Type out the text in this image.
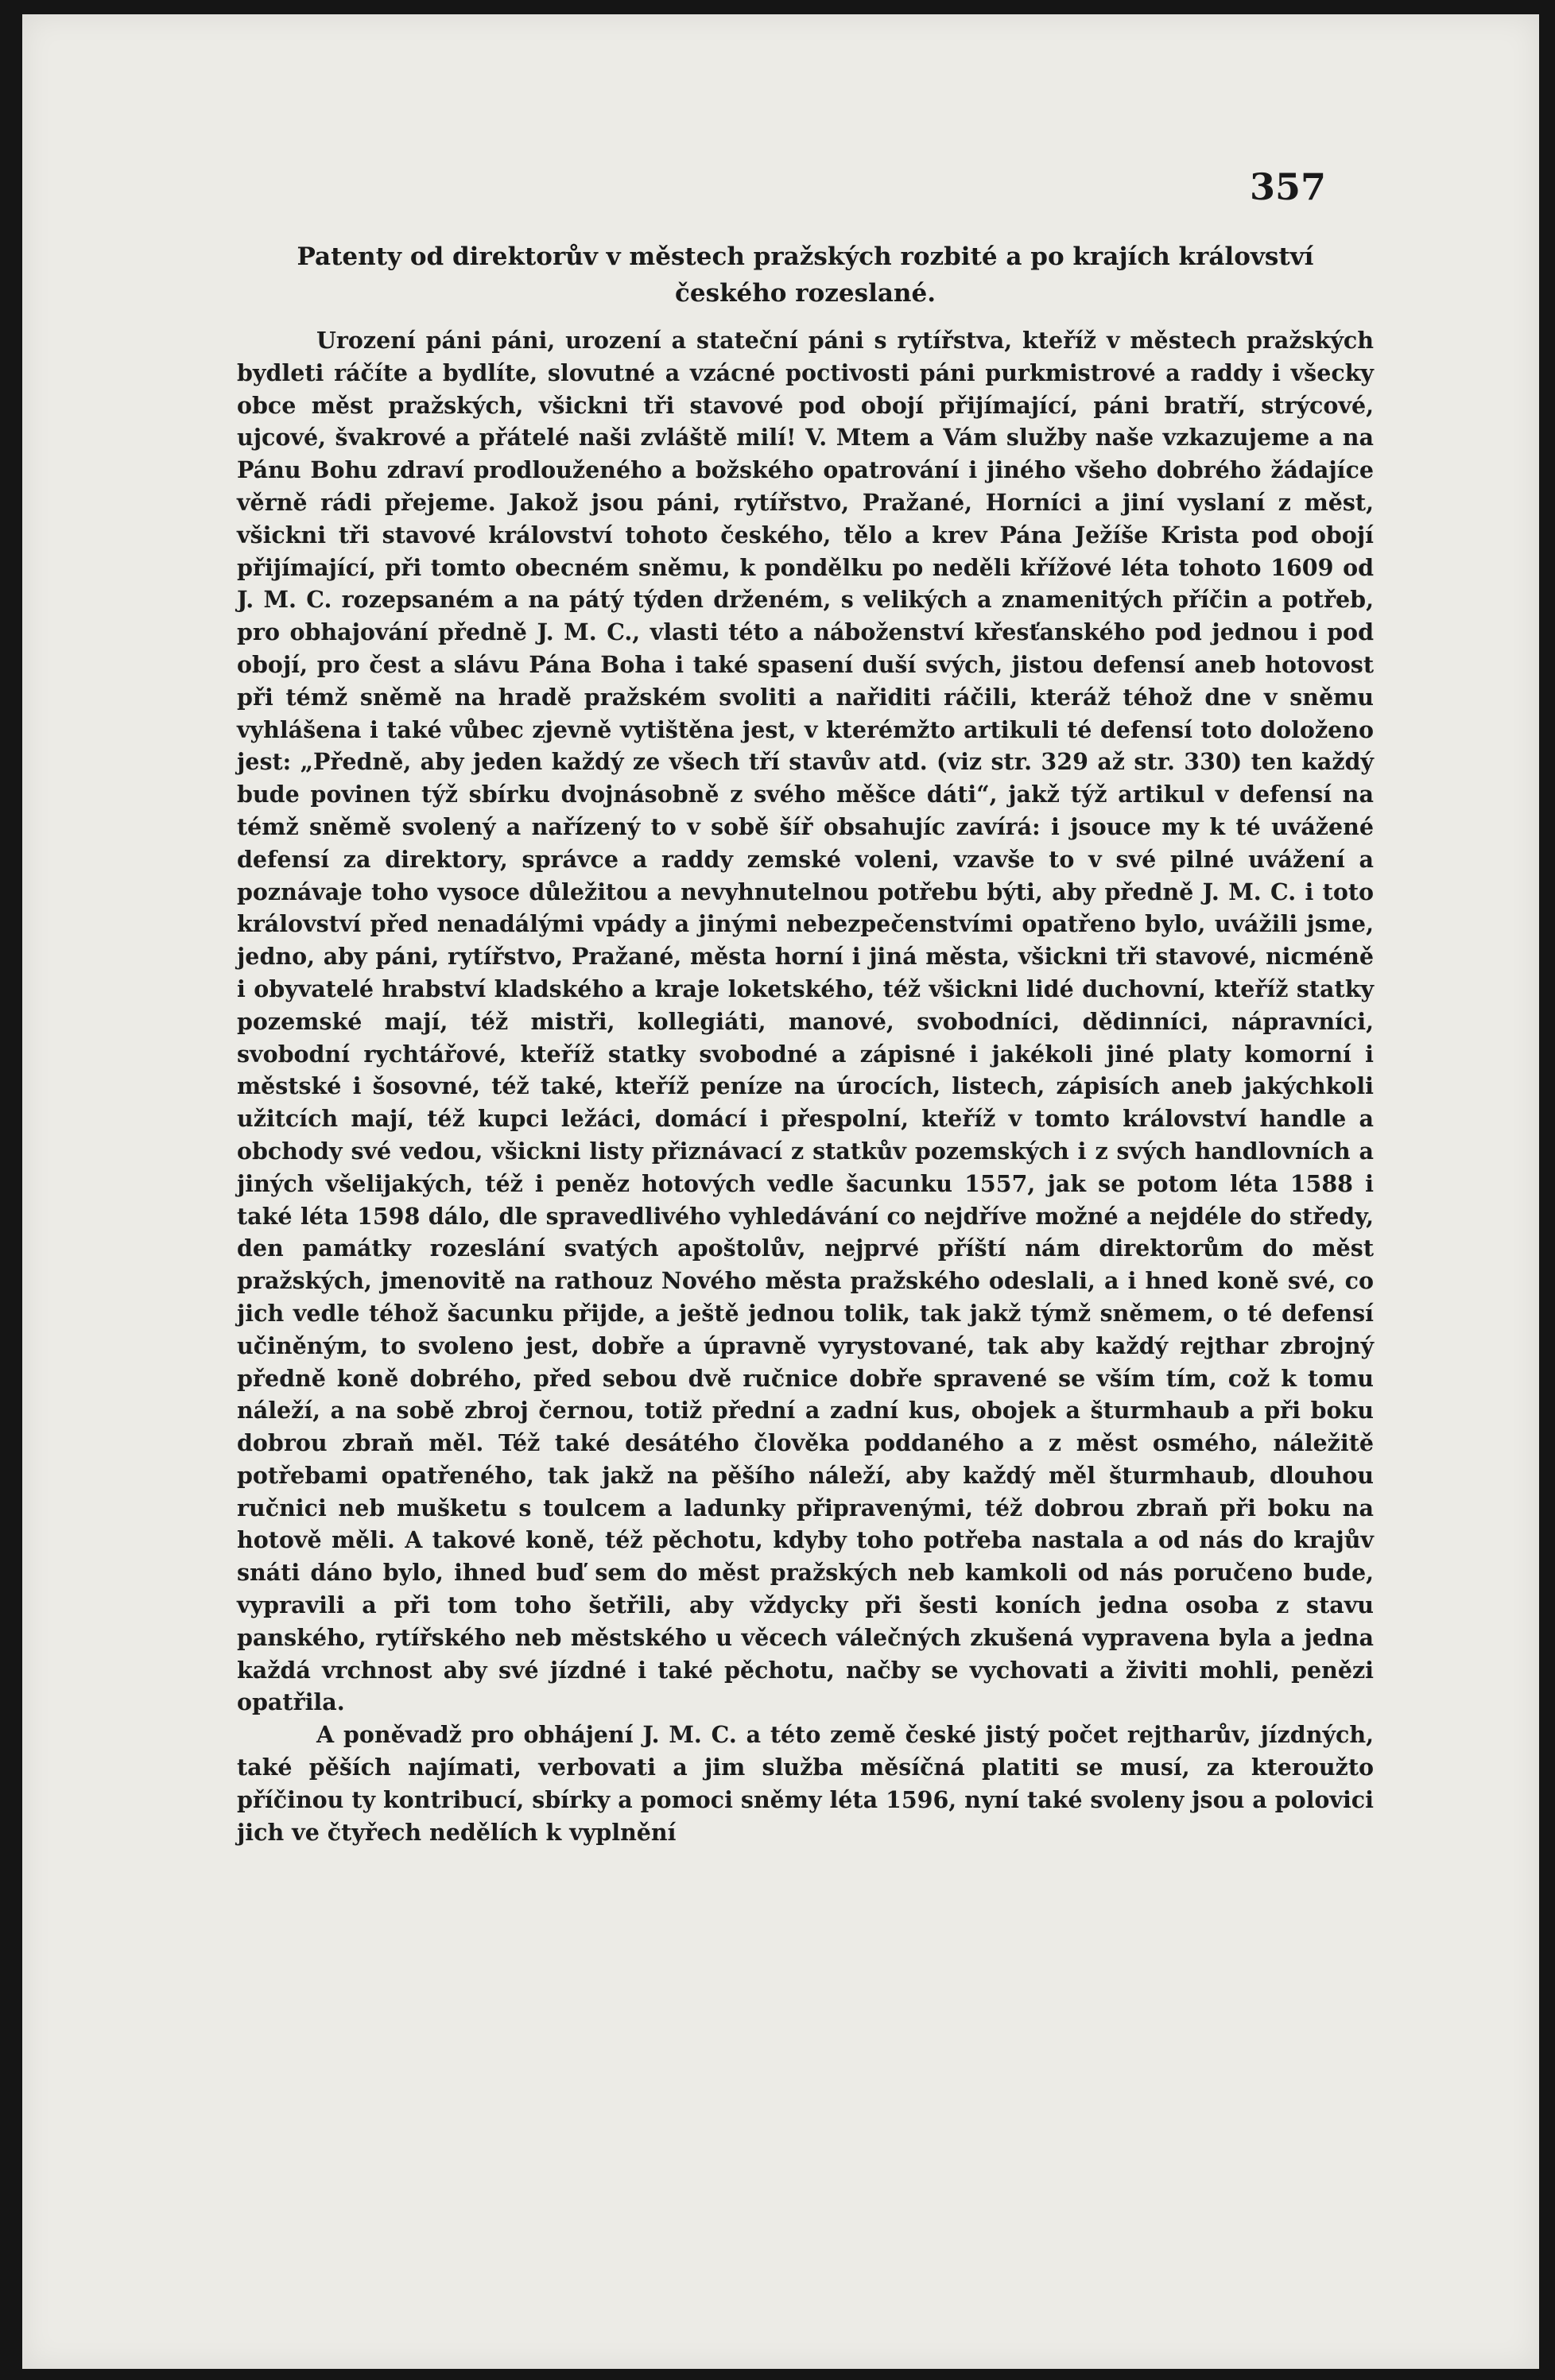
357

Patenty od direktorův v městech pražských rozbité a po krajích království českého rozeslané.

Urození páni páni, urození a stateční páni s rytířstva, kteříž v městech pražských bydleti ráčíte a bydlíte, slovutné a vzácné poctivosti páni purkmistrové a raddy i všecky obce měst pražských, všickni tři stavové pod obojí přijímající, páni bratří, strýcové, ujcové, švakrové a přátelé naši zvláště milí! V. Mtem a Vám služby naše vzkazujeme a na Pánu Bohu zdraví prodlouženého a božského opatrování i jiného všeho dobrého žádajíce věrně rádi přejeme. Jakož jsou páni, rytířstvo, Pražané, Horníci a jiní vyslaní z měst, všickni tři stavové království tohoto českého, tělo a krev Pána Ježíše Krista pod obojí přijímající, při tomto obecném sněmu, k pondělku po neděli křížové léta tohoto 1609 od J. M. C. rozepsaném a na pátý týden drženém, s velikých a znamenitých příčin a potřeb, pro obhajování předně J. M. C., vlasti této a náboženství křesťanského pod jednou i pod obojí, pro čest a slávu Pána Boha i také spasení duší svých, jistou defensí aneb hotovost při témž sněmě na hradě pražském svoliti a nařiditi ráčili, kteráž téhož dne v sněmu vyhlášena i také vůbec zjevně vytištěna jest, v kterémžto artikuli té defensí toto doloženo jest: „Předně, aby jeden každý ze všech tří stavův atd. (viz str. 329 až str. 330) ten každý bude povinen týž sbírku dvojnásobně z svého měšce dáti“, jakž týž artikul v defensí na témž sněmě svolený a nařízený to v sobě šíř obsahujíc zavírá: i jsouce my k té uvážené defensí za direktory, správce a raddy zemské voleni, vzavše to v své pilné uvážení a poznávaje toho vysoce důležitou a nevyhnutelnou potřebu býti, aby předně J. M. C. i toto království před nenadálými vpády a jinými nebezpečenstvími opatřeno bylo, uvážili jsme, jedno, aby páni, rytířstvo, Pražané, města horní i jiná města, všickni tři stavové, nicméně i obyvatelé hrabství kladského a kraje loketského, též všickni lidé duchovní, kteříž statky pozemské mají, též mistři, kollegiáti, manové, svobodníci, dědinníci, nápravníci, svobodní rychtářové, kteříž statky svobodné a zápisné i jakékoli jiné platy komorní i městské i šosovné, též také, kteříž peníze na úrocích, listech, zápisích aneb jakýchkoli užitcích mají, též kupci ležáci, domácí i přespolní, kteříž v tomto království handle a obchody své vedou, všickni listy přiznávací z statkův pozemských i z svých handlovních a jiných všelijakých, též i peněz hotových vedle šacunku 1557, jak se potom léta 1588 i také léta 1598 dálo, dle spravedlivého vyhledávání co nejdříve možné a nejdéle do středy, den památky rozeslání svatých apoštolův, nejprvé příští nám direktorům do měst pražských, jmenovitě na rathouz Nového města pražského odeslali, a i hned koně své, co jich vedle téhož šacunku přijde, a ještě jednou tolik, tak jakž týmž sněmem, o té defensí učiněným, to svoleno jest, dobře a úpravně vyrystované, tak aby každý rejthar zbrojný předně koně dobrého, před sebou dvě ručnice dobře spravené se vším tím, což k tomu náleží, a na sobě zbroj černou, totiž přední a zadní kus, obojek a šturmhaub a při boku dobrou zbraň měl. Též také desátého člověka poddaného a z měst osmého, náležitě potřebami opatřeného, tak jakž na pěšího náleží, aby každý měl šturmhaub, dlouhou ručnici neb mušketu s toulcem a ladunky připravenými, též dobrou zbraň při boku na hotově měli. A takové koně, též pěchotu, kdyby toho potřeba nastala a od nás do krajův snáti dáno bylo, ihned buď sem do měst pražských neb kamkoli od nás poručeno bude, vypravili a při tom toho šetřili, aby vždycky při šesti koních jedna osoba z stavu panského, rytířského neb městského u věcech válečných zkušená vypravena byla a jedna každá vrchnost aby své jízdné i také pěchotu, načby se vychovati a živiti mohli, penězi opatřila.

A poněvadž pro obhájení J. M. C. a této země české jistý počet rejtharův, jízdných, také pěších najímati, verbovati a jim služba měsíčná platiti se musí, za kteroužto příčinou ty kontribucí, sbírky a pomoci sněmy léta 1596, nyní také svoleny jsou a polovici jich ve čtyřech nedělích k vyplnění
